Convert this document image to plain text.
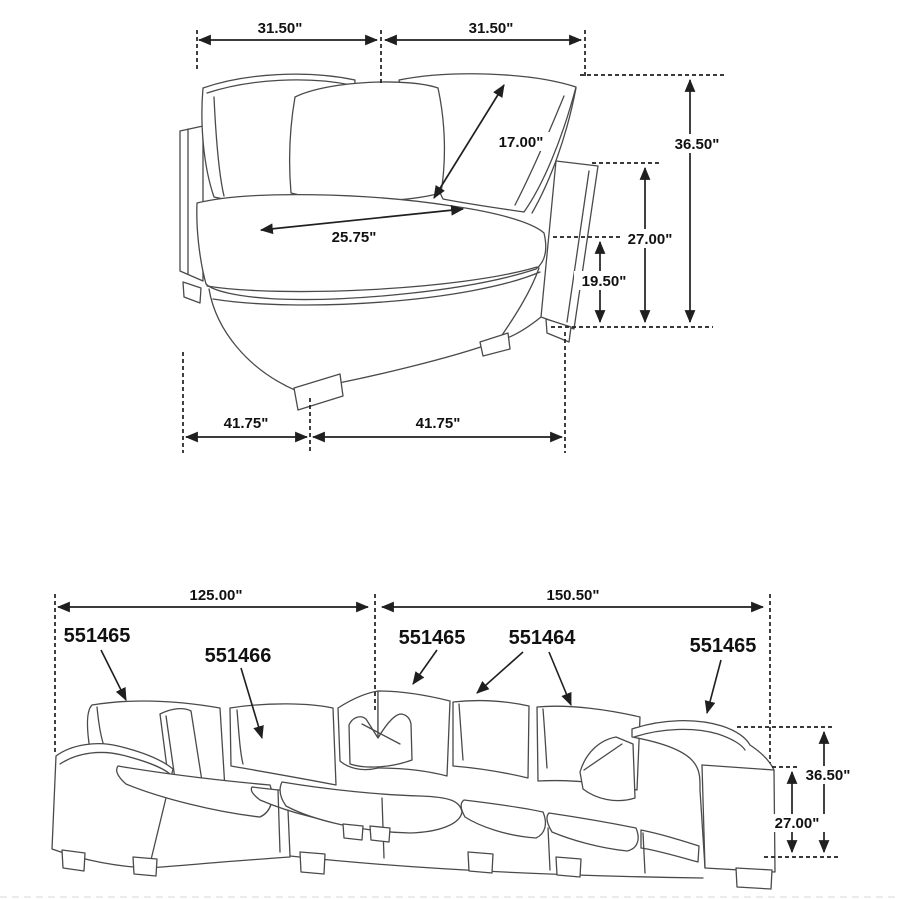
31.50"	31.50"
17.00"	36.50"
27.00"
19.50"
25.75"
41.75"	41.75"
125.00"	150.50"
36.50"
27.00"
551465
551466
551465 551464	551465
